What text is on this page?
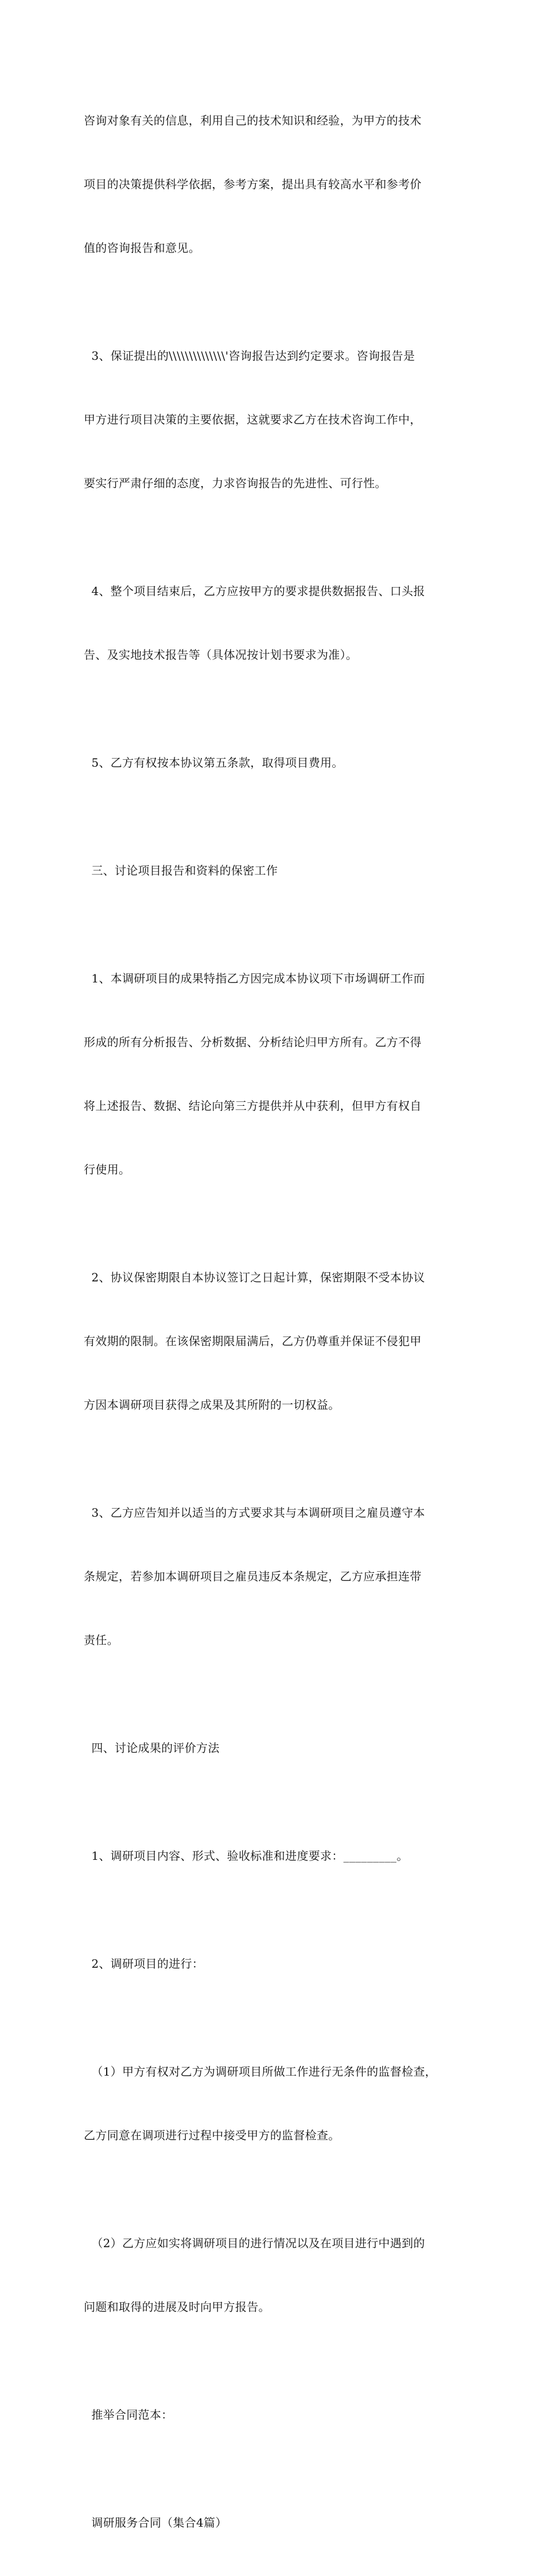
咨询对象有关的信息，利用自己的技术知识和经验，为甲方的技术

项目的决策提供科学依据，参考方案，提出具有较高水平和参考价

值的咨询报告和意见。

3、保证提出的\\\\\\\\\\\\\\'咨询报告达到约定要求。咨询报告是

甲方进行项目决策的主要依据，这就要求乙方在技术咨询工作中，

要实行严肃仔细的态度，力求咨询报告的先进性、可行性。

4、整个项目结束后，乙方应按甲方的要求提供数据报告、口头报

告、及实地技术报告等（具体况按计划书要求为准）。

5、乙方有权按本协议第五条款，取得项目费用。

三、讨论项目报告和资料的保密工作

1、本调研项目的成果特指乙方因完成本协议项下市场调研工作而

形成的所有分析报告、分析数据、分析结论归甲方所有。乙方不得

将上述报告、数据、结论向第三方提供并从中获利，但甲方有权自

行使用。

2、协议保密期限自本协议签订之日起计算，保密期限不受本协议

有效期的限制。在该保密期限届满后，乙方仍尊重并保证不侵犯甲

方因本调研项目获得之成果及其所附的一切权益。

3、乙方应告知并以适当的方式要求其与本调研项目之雇员遵守本

条规定，若参加本调研项目之雇员违反本条规定，乙方应承担连带

责任。

四、讨论成果的评价方法

1、调研项目内容、形式、验收标准和进度要求：_________。

2、调研项目的进行：

（1）甲方有权对乙方为调研项目所做工作进行无条件的监督检查，

乙方同意在调项进行过程中接受甲方的监督检查。

（2）乙方应如实将调研项目的进行情况以及在项目进行中遇到的

问题和取得的进展及时向甲方报告。

推举合同范本：

调研服务合同（集合4篇）
